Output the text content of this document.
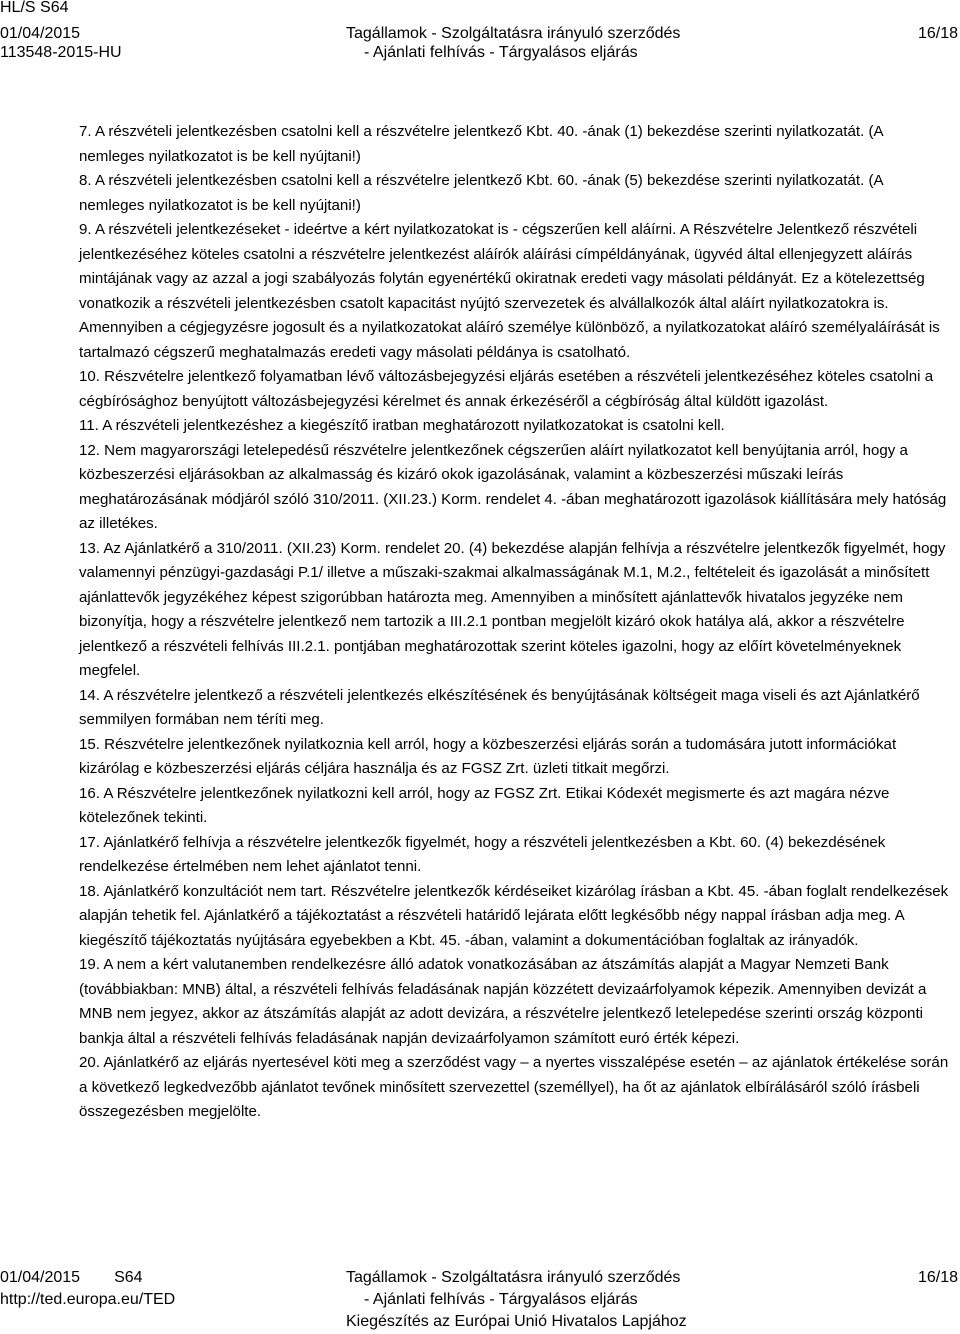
HL/S S64
01/04/2015
113548-2015-HU
Tagállamok - Szolgáltatásra irányuló szerződés
- Ajánlati felhívás - Tárgyalásos eljárás
16/18

7. A részvételi jelentkezésben csatolni kell a részvételre jelentkező Kbt. 40. -ának (1) bekezdése szerinti nyilatkozatát. (A nemleges nyilatkozatot is be kell nyújtani!)

8. A részvételi jelentkezésben csatolni kell a részvételre jelentkező Kbt. 60. -ának (5) bekezdése szerinti nyilatkozatát. (A nemleges nyilatkozatot is be kell nyújtani!)

9. A részvételi jelentkezéseket - ideértve a kért nyilatkozatokat is - cégszerűen kell aláírni. A Részvételre Jelentkező részvételi jelentkezéséhez köteles csatolni a részvételre jelentkezést aláírók aláírási címpéldányának, ügyvéd által ellenjegyzett aláírás mintájának vagy az azzal a jogi szabályozás folytán egyenértékű okiratnak eredeti vagy másolati példányát. Ez a kötelezettség vonatkozik a részvételi jelentkezésben csatolt kapacitást nyújtó szervezetek és alvállalkozók által aláírt nyilatkozatokra is. Amennyiben a cégjegyzésre jogosult és a nyilatkozatokat aláíró személye különböző, a nyilatkozatokat aláíró személyaláírását is tartalmazó cégszerű meghatalmazás eredeti vagy másolati példánya is csatolható.

10. Részvételre jelentkező folyamatban lévő változásbejegyzési eljárás esetében a részvételi jelentkezéséhez köteles csatolni a cégbírósághoz benyújtott változásbejegyzési kérelmet és annak érkezéséről a cégbíróság által küldött igazolást.

11. A részvételi jelentkezéshez a kiegészítő iratban meghatározott nyilatkozatokat is csatolni kell.

12. Nem magyarországi letelepedésű részvételre jelentkezőnek cégszerűen aláírt nyilatkozatot kell benyújtania arról, hogy a közbeszerzési eljárásokban az alkalmasság és kizáró okok igazolásának, valamint a közbeszerzési műszaki leírás meghatározásának módjáról szóló 310/2011. (XII.23.) Korm. rendelet 4. -ában meghatározott igazolások kiállítására mely hatóság az illetékes.

13. Az Ajánlatkérő a 310/2011. (XII.23) Korm. rendelet 20. (4) bekezdése alapján felhívja a részvételre jelentkezők figyelmét, hogy valamennyi pénzügyi-gazdasági P.1/ illetve a műszaki-szakmai alkalmasságának M.1, M.2., feltételeit és igazolását a minősített ajánlattevők jegyzékéhez képest szigorúbban határozta meg. Amennyiben a minősített ajánlattevők hivatalos jegyzéke nem bizonyítja, hogy a részvételre jelentkező nem tartozik a III.2.1 pontban megjelölt kizáró okok hatálya alá, akkor a részvételre jelentkező a részvételi felhívás III.2.1. pontjában meghatározottak szerint köteles igazolni, hogy az előírt követelményeknek megfelel.

14. A részvételre jelentkező a részvételi jelentkezés elkészítésének és benyújtásának költségeit maga viseli és azt Ajánlatkérő semmilyen formában nem téríti meg.

15. Részvételre jelentkezőnek nyilatkoznia kell arról, hogy a közbeszerzési eljárás során a tudomására jutott információkat kizárólag e közbeszerzési eljárás céljára használja és az FGSZ Zrt. üzleti titkait megőrzi.

16. A Részvételre jelentkezőnek nyilatkozni kell arról, hogy az FGSZ Zrt. Etikai Kódexét megismerte és azt magára nézve kötelezőnek tekinti.

17. Ajánlatkérő felhívja a részvételre jelentkezők figyelmét, hogy a részvételi jelentkezésben a Kbt. 60. (4) bekezdésének rendelkezése értelmében nem lehet ajánlatot tenni.

18. Ajánlatkérő konzultációt nem tart. Részvételre jelentkezők kérdéseiket kizárólag írásban a Kbt. 45. -ában foglalt rendelkezések alapján tehetik fel. Ajánlatkérő a tájékoztatást a részvételi határidő lejárata előtt legkésőbb négy nappal írásban adja meg. A kiegészítő tájékoztatás nyújtására egyebekben a Kbt. 45. -ában, valamint a dokumentációban foglaltak az irányadók.

19. A nem a kért valutanemben rendelkezésre álló adatok vonatkozásában az átszámítás alapját a Magyar Nemzeti Bank (továbbiakban: MNB) által, a részvételi felhívás feladásának napján közzétett devizaárfolyamok képezik. Amennyiben devizát a MNB nem jegyez, akkor az átszámítás alapját az adott devizára, a részvételre jelentkező letelepedése szerinti ország központi bankja által a részvételi felhívás feladásának napján devizaárfolyamon számított euró érték képezi.

20. Ajánlatkérő az eljárás nyertesével köti meg a szerződést vagy – a nyertes visszalépése esetén – az ajánlatok értékelése során a következő legkedvezőbb ajánlatot tevőnek minősített szervezettel (személlyel), ha őt az ajánlatok elbírálásáról szóló írásbeli összegezésben megjelölte.

01/04/2015 S64
http://ted.europa.eu/TED
Tagállamok - Szolgáltatásra irányuló szerződés
- Ajánlati felhívás - Tárgyalásos eljárás
Kiegészítés az Európai Unió Hivatalos Lapjához
16/18
